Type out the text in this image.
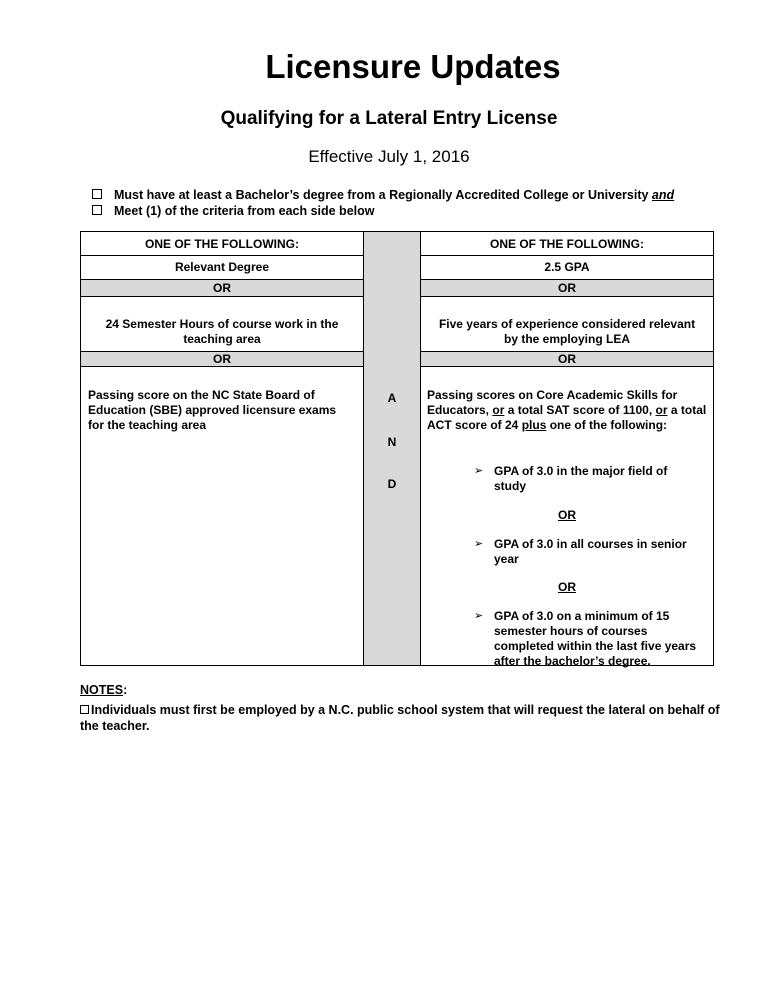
Licensure Updates
Qualifying for a Lateral Entry License
Effective July 1, 2016
Must have at least a Bachelor’s degree from a Regionally Accredited College or University and
Meet (1) of the criteria from each side below
A
N
D
ONE OF THE FOLLOWING:
Relevant Degree
OR
24 Semester Hours of course work in the teaching area
OR
Passing score on the NC State Board of Education (SBE) approved licensure exams for the teaching area
ONE OF THE FOLLOWING:
2.5 GPA
OR
Five years of experience considered relevant by the employing LEA
OR
Passing scores on Core Academic Skills for Educators, or a total SAT score of 1100, or a total ACT score of 24 plus one of the following:
➢ GPA of 3.0 in the major field of study
OR
➢ GPA of 3.0 in all courses in senior year
OR
➢ GPA of 3.0 on a minimum of 15 semester hours of courses completed within the last five years after the bachelor’s degree.
NOTES:
Individuals must first be employed by a N.C. public school system that will request the lateral on behalf of the teacher.
